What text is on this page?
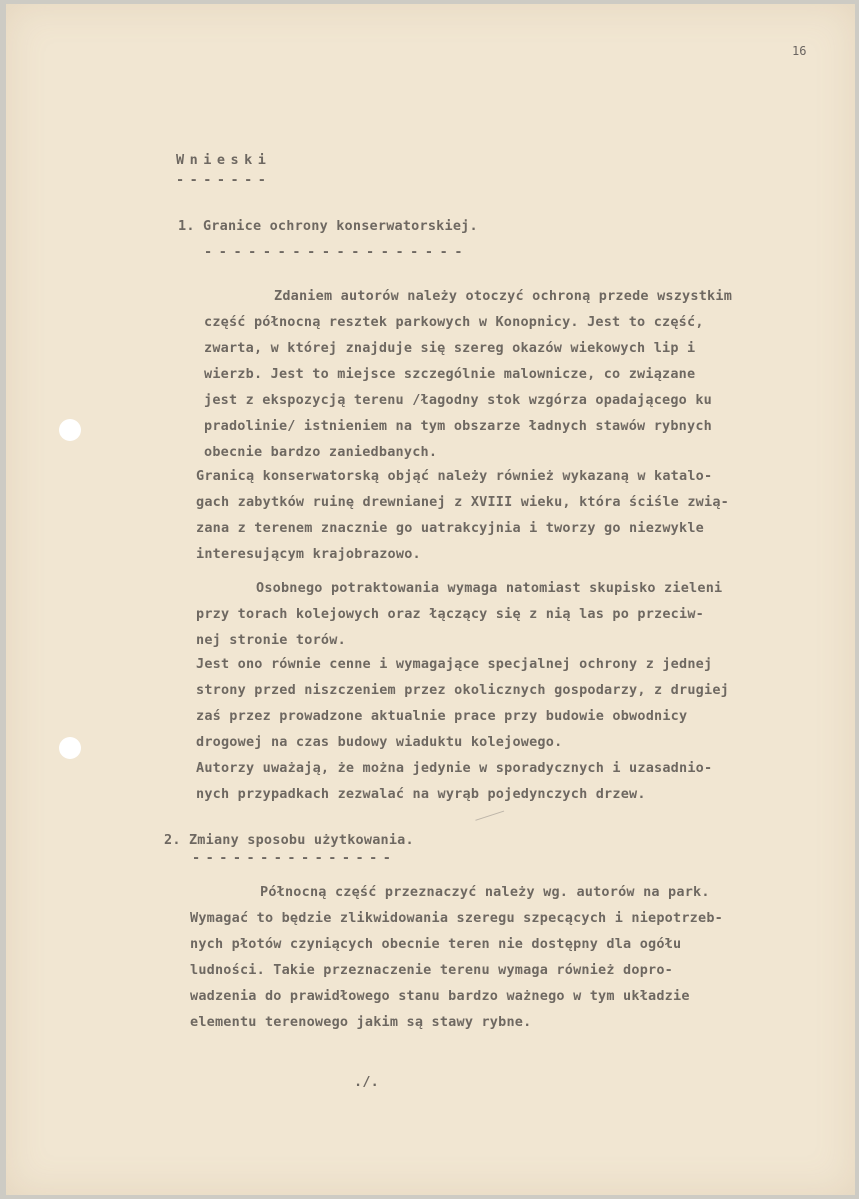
16
Wnieski
-------
1. Granice ochrony konserwatorskiej.
------------------
Zdaniem autorów należy otoczyć ochroną przede wszystkim
część północną resztek parkowych w Konopnicy. Jest to część,
zwarta, w której znajduje się szereg okazów wiekowych lip i
wierzb. Jest to miejsce szczególnie malownicze, co związane
jest z ekspozycją terenu /łagodny stok wzgórza opadającego ku
pradolinie/ istnieniem na tym obszarze ładnych stawów rybnych
obecnie bardzo zaniedbanych.
Granicą konserwatorską objąć należy również wykazaną w katalo-
gach zabytków ruinę drewnianej z XVIII wieku, która ściśle zwią-
zana z terenem znacznie go uatrakcyjnia i tworzy go niezwykle
interesującym krajobrazowo.
Osobnego potraktowania wymaga natomiast skupisko zieleni
przy torach kolejowych oraz łączący się z nią las po przeciw-
nej stronie torów.
Jest ono równie cenne i wymagające specjalnej ochrony z jednej
strony przed niszczeniem przez okolicznych gospodarzy, z drugiej
zaś przez prowadzone aktualnie prace przy budowie obwodnicy
drogowej na czas budowy wiaduktu kolejowego.
Autorzy uważają, że można jedynie w sporadycznych i uzasadnio-
nych przypadkach zezwalać na wyrąb pojedynczych drzew.
2. Zmiany sposobu użytkowania.
---------------
Północną część przeznaczyć należy wg. autorów na park.
Wymagać to będzie zlikwidowania szeregu szpecących i niepotrzeb-
nych płotów czyniących obecnie teren nie dostępny dla ogółu
ludności. Takie przeznaczenie terenu wymaga również dopro-
wadzenia do prawidłowego stanu bardzo ważnego w tym układzie
elementu terenowego jakim są stawy rybne.
./.
